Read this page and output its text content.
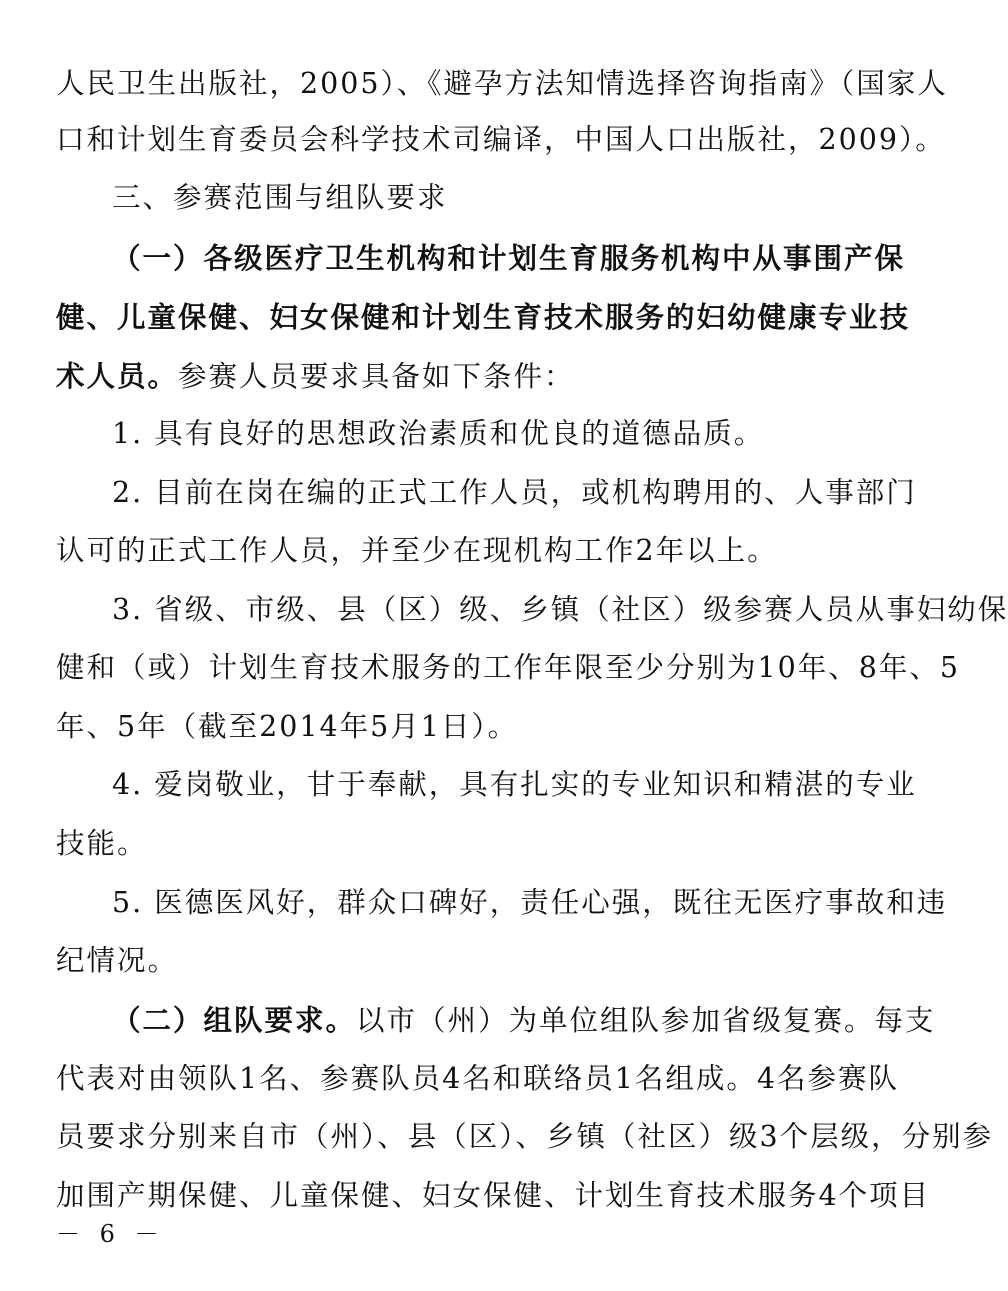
人民卫生出版社，2005）、《避孕方法知情选择咨询指南》（国家人
口和计划生育委员会科学技术司编译，中国人口出版社，2009）。
三、参赛范围与组队要求
（一）各级医疗卫生机构和计划生育服务机构中从事围产保
健、儿童保健、妇女保健和计划生育技术服务的妇幼健康专业技
术人员。参赛人员要求具备如下条件：
1. 具有良好的思想政治素质和优良的道德品质。
2. 目前在岗在编的正式工作人员，或机构聘用的、人事部门
认可的正式工作人员，并至少在现机构工作2年以上。
3. 省级、市级、县（区）级、乡镇（社区）级参赛人员从事妇幼保
健和（或）计划生育技术服务的工作年限至少分别为10年、8年、5
年、5年（截至2014年5月1日）。
4. 爱岗敬业，甘于奉献，具有扎实的专业知识和精湛的专业
技能。
5. 医德医风好，群众口碑好，责任心强，既往无医疗事故和违
纪情况。
（二）组队要求。以市（州）为单位组队参加省级复赛。每支
代表对由领队1名、参赛队员4名和联络员1名组成。4名参赛队
员要求分别来自市（州）、县（区）、乡镇（社区）级3个层级，分别参
加围产期保健、儿童保健、妇女保健、计划生育技术服务4个项目
－ 6 －
